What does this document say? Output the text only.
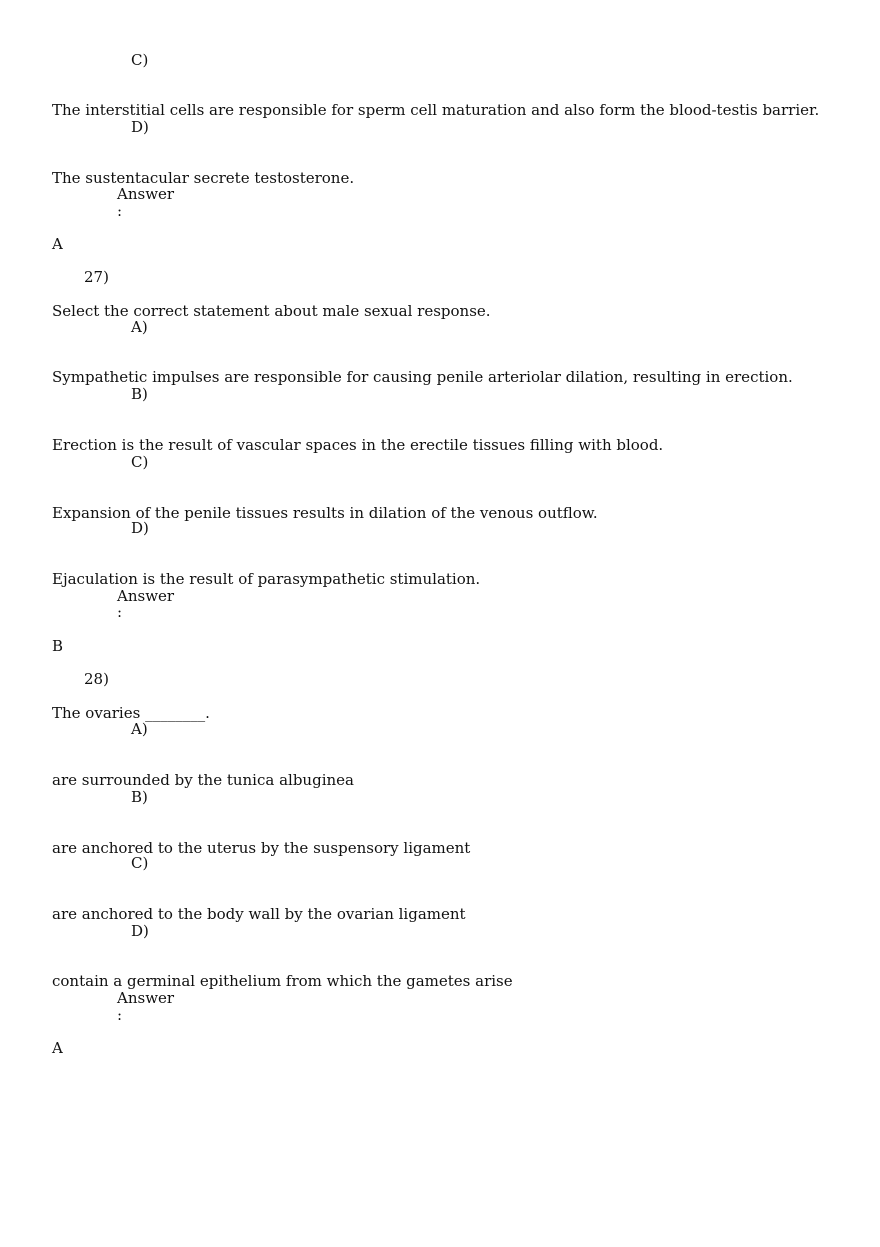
C)
The interstitial cells are responsible for sperm cell maturation and also form the blood-testis barrier.
D)
The sustentacular secrete testosterone.
Answer
:
A
27)
Select the correct statement about male sexual response.
A)
Sympathetic impulses are responsible for causing penile arteriolar dilation, resulting in erection.
B)
Erection is the result of vascular spaces in the erectile tissues filling with blood.
C)
Expansion of the penile tissues results in dilation of the venous outflow.
D)
Ejaculation is the result of parasympathetic stimulation.
Answer
:
B
28)
The ovaries ________.
A)
are surrounded by the tunica albuginea
B)
are anchored to the uterus by the suspensory ligament
C)
are anchored to the body wall by the ovarian ligament
D)
contain a germinal epithelium from which the gametes arise
Answer
:
A
